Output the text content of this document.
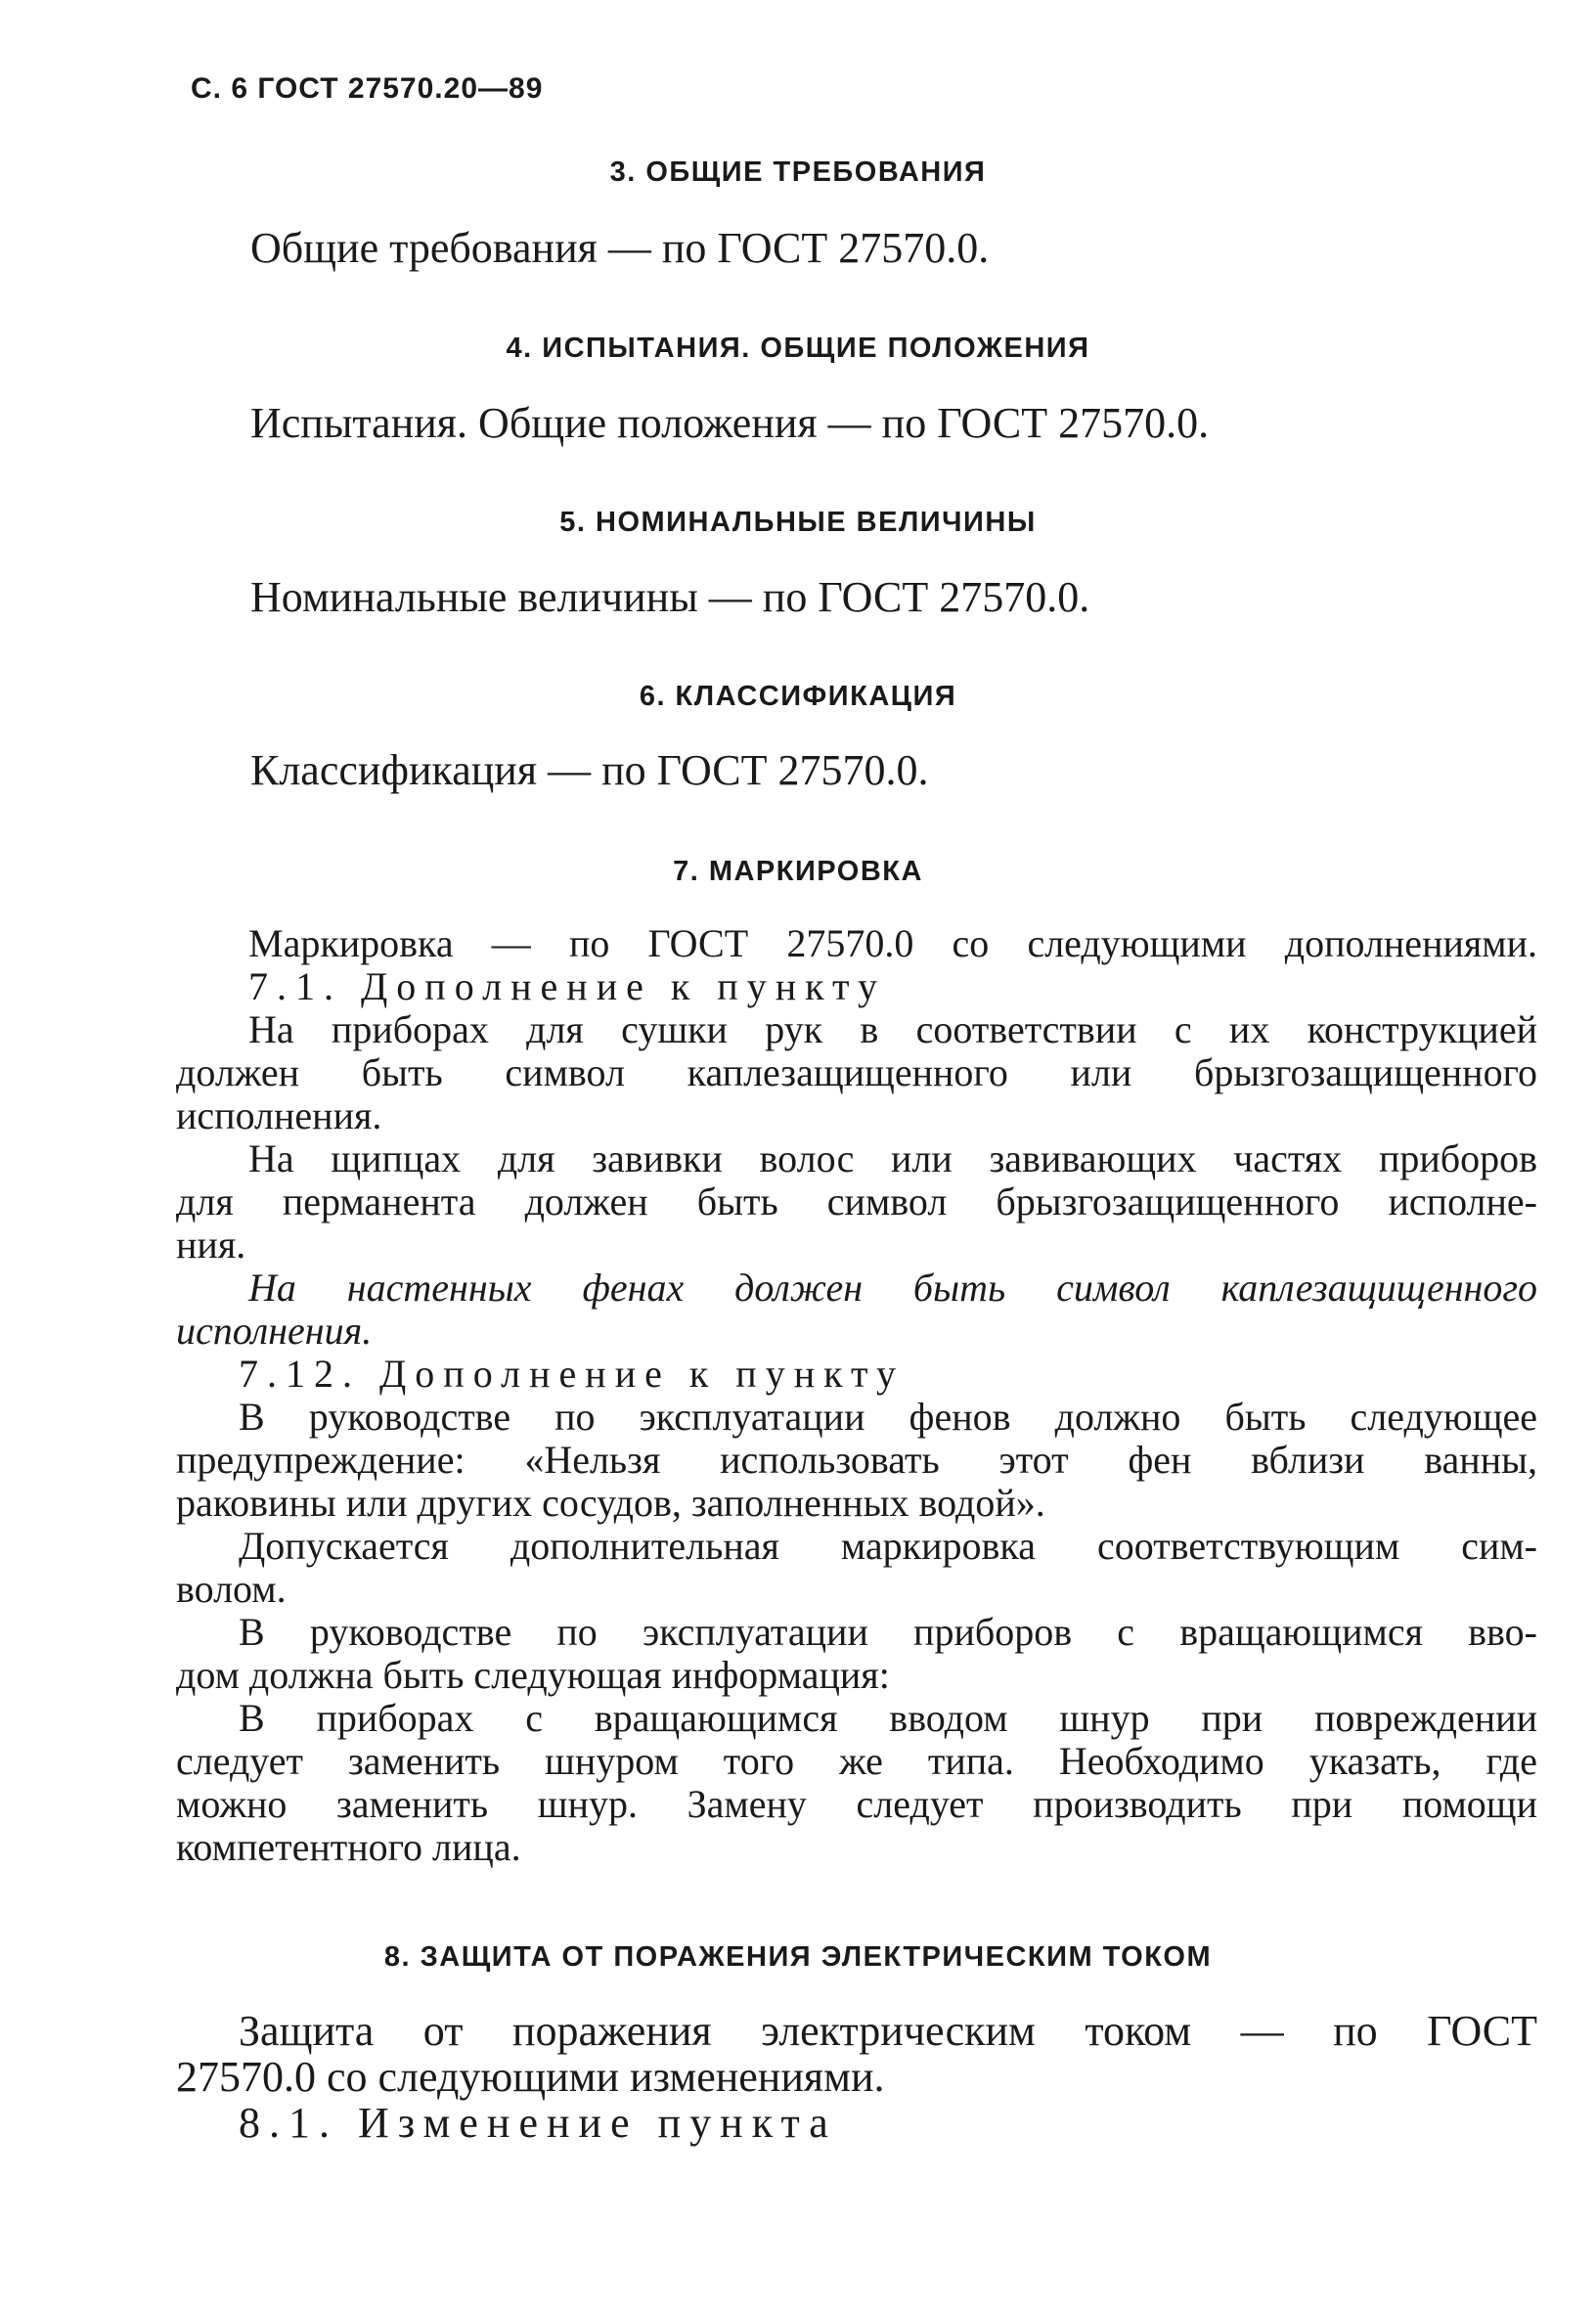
С. 6 ГОСТ 27570.20—89
3. ОБЩИЕ ТРЕБОВАНИЯ
Общие требования — по ГОСТ 27570.0.
4. ИСПЫТАНИЯ. ОБЩИЕ ПОЛОЖЕНИЯ
Испытания. Общие положения — по ГОСТ 27570.0.
5. НОМИНАЛЬНЫЕ ВЕЛИЧИНЫ
Номинальные величины — по ГОСТ 27570.0.
6. КЛАССИФИКАЦИЯ
Классификация — по ГОСТ 27570.0.
7. МАРКИРОВКА
Маркировка — по ГОСТ 27570.0 со следующими дополнениями.
7.1. Дополнение к пункту
На приборах для сушки рук в соответствии с их конструкцией
должен быть символ каплезащищенного или брызгозащищенного
исполнения.
На щипцах для завивки волос или завивающих частях приборов
для перманента должен быть символ брызгозащищенного исполне-
ния.
На настенных фенах должен быть символ каплезащищенного
исполнения.
7.12. Дополнение к пункту
В руководстве по эксплуатации фенов должно быть следующее
предупреждение: «Нельзя использовать этот фен вблизи ванны,
раковины или других сосудов, заполненных водой».
Допускается дополнительная маркировка соответствующим сим-
волом.
В руководстве по эксплуатации приборов с вращающимся вво-
дом должна быть следующая информация:
В приборах с вращающимся вводом шнур при повреждении
следует заменить шнуром того же типа. Необходимо указать, где
можно заменить шнур. Замену следует производить при помощи
компетентного лица.
8. ЗАЩИТА ОТ ПОРАЖЕНИЯ ЭЛЕКТРИЧЕСКИМ ТОКОМ
Защита от поражения электрическим током — по ГОСТ
27570.0 со следующими изменениями.
8.1. Изменение пункта
